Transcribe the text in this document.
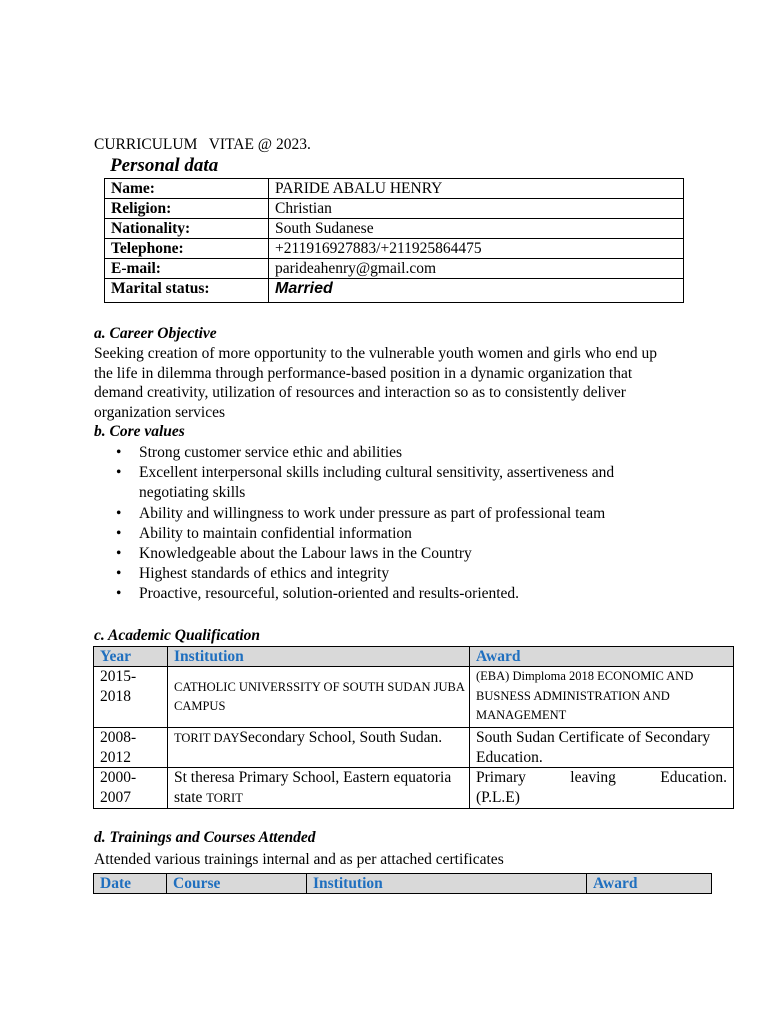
CURRICULUM   VITAE @ 2023.
Personal data
Name:	PARIDE ABALU HENRY
Religion:	Christian
Nationality:	South Sudanese
Telephone:	+211916927883/+211925864475
E-mail:	parideahenry@gmail.com
Marital status:	Married
a. Career Objective
Seeking creation of more opportunity to the vulnerable youth women and girls who end up the life in dilemma through performance-based position in a dynamic organization that demand creativity, utilization of resources and interaction so as to consistently deliver organization services
b. Core values
• Strong customer service ethic and abilities
• Excellent interpersonal skills including cultural sensitivity, assertiveness and negotiating skills
• Ability and willingness to work under pressure as part of professional team
• Ability to maintain confidential information
• Knowledgeable about the Labour laws in the Country
• Highest standards of ethics and integrity
• Proactive, resourceful, solution-oriented and results-oriented.
c. Academic Qualification
Year	Institution	Award
2015-2018	CATHOLIC UNIVERSSITY OF SOUTH SUDAN JUBA CAMPUS	(EBA) Dimploma 2018 ECONOMIC AND BUSNESS ADMINISTRATION AND MANAGEMENT
2008-2012	TORIT DAYSecondary School, South Sudan.	South Sudan Certificate of Secondary Education.
2000-2007	St theresa Primary School, Eastern equatoria state TORIT	Primary leaving Education.
(P.L.E)
d. Trainings and Courses Attended
Attended various trainings internal and as per attached certificates
Date	Course	Institution	Award
